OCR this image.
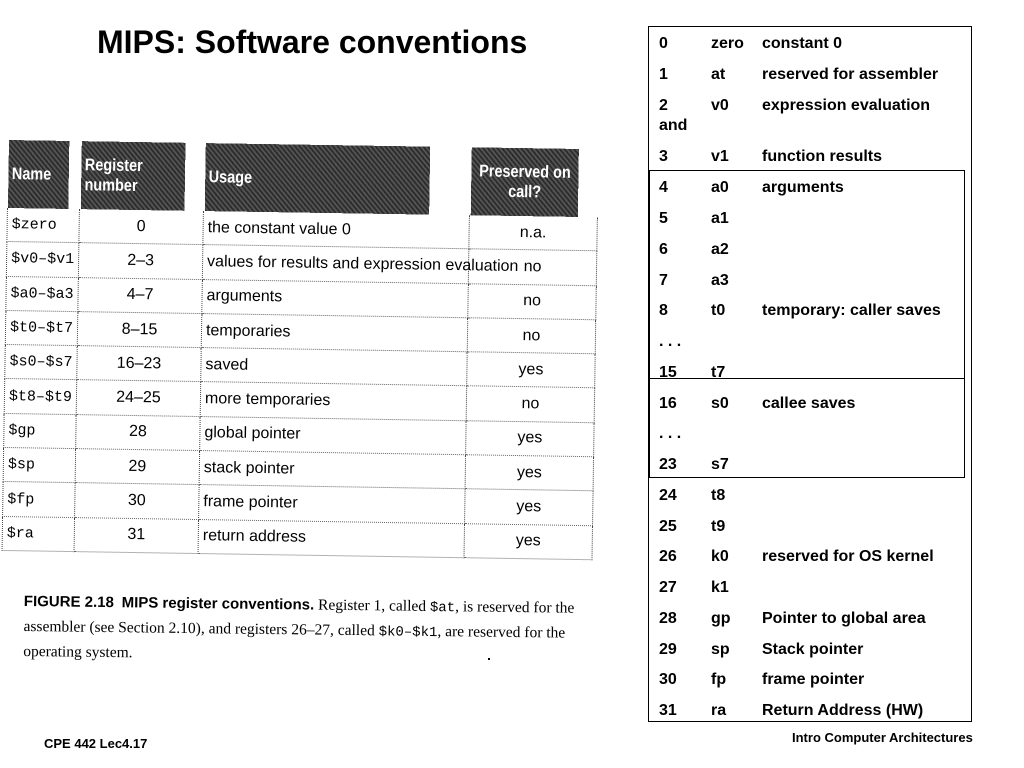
MIPS: Software conventions
Name	Register number	Usage	Preserved on call?
$zero	0	the constant value 0	n.a.
$v0–$v1	2–3	values for results and expression evaluation	no
$a0–$a3	4–7	arguments	no
$t0–$t7	8–15	temporaries	no
$s0–$s7	16–23	saved	yes
$t8–$t9	24–25	more temporaries	no
$gp	28	global pointer	yes
$sp	29	stack pointer	yes
$fp	30	frame pointer	yes
$ra	31	return address	yes
FIGURE 2.18 MIPS register conventions. Register 1, called $at, is reserved for the assembler (see Section 2.10), and registers 26–27, called $k0–$k1, are reserved for the operating system.
0	zero	constant 0
1	at	reserved for assembler
2	v0	expression evaluation
and
3	v1	function results
4	a0	arguments
5	a1
6	a2
7	a3
8	t0	temporary: caller saves
. . .
15	t7
16	s0	callee saves
. . .
23	s7
24	t8
25	t9
26	k0	reserved for OS kernel
27	k1
28	gp	Pointer to global area
29	sp	Stack pointer
30	fp	frame pointer
31	ra	Return Address (HW)
CPE 442 Lec4.17	Intro Computer Architectures
